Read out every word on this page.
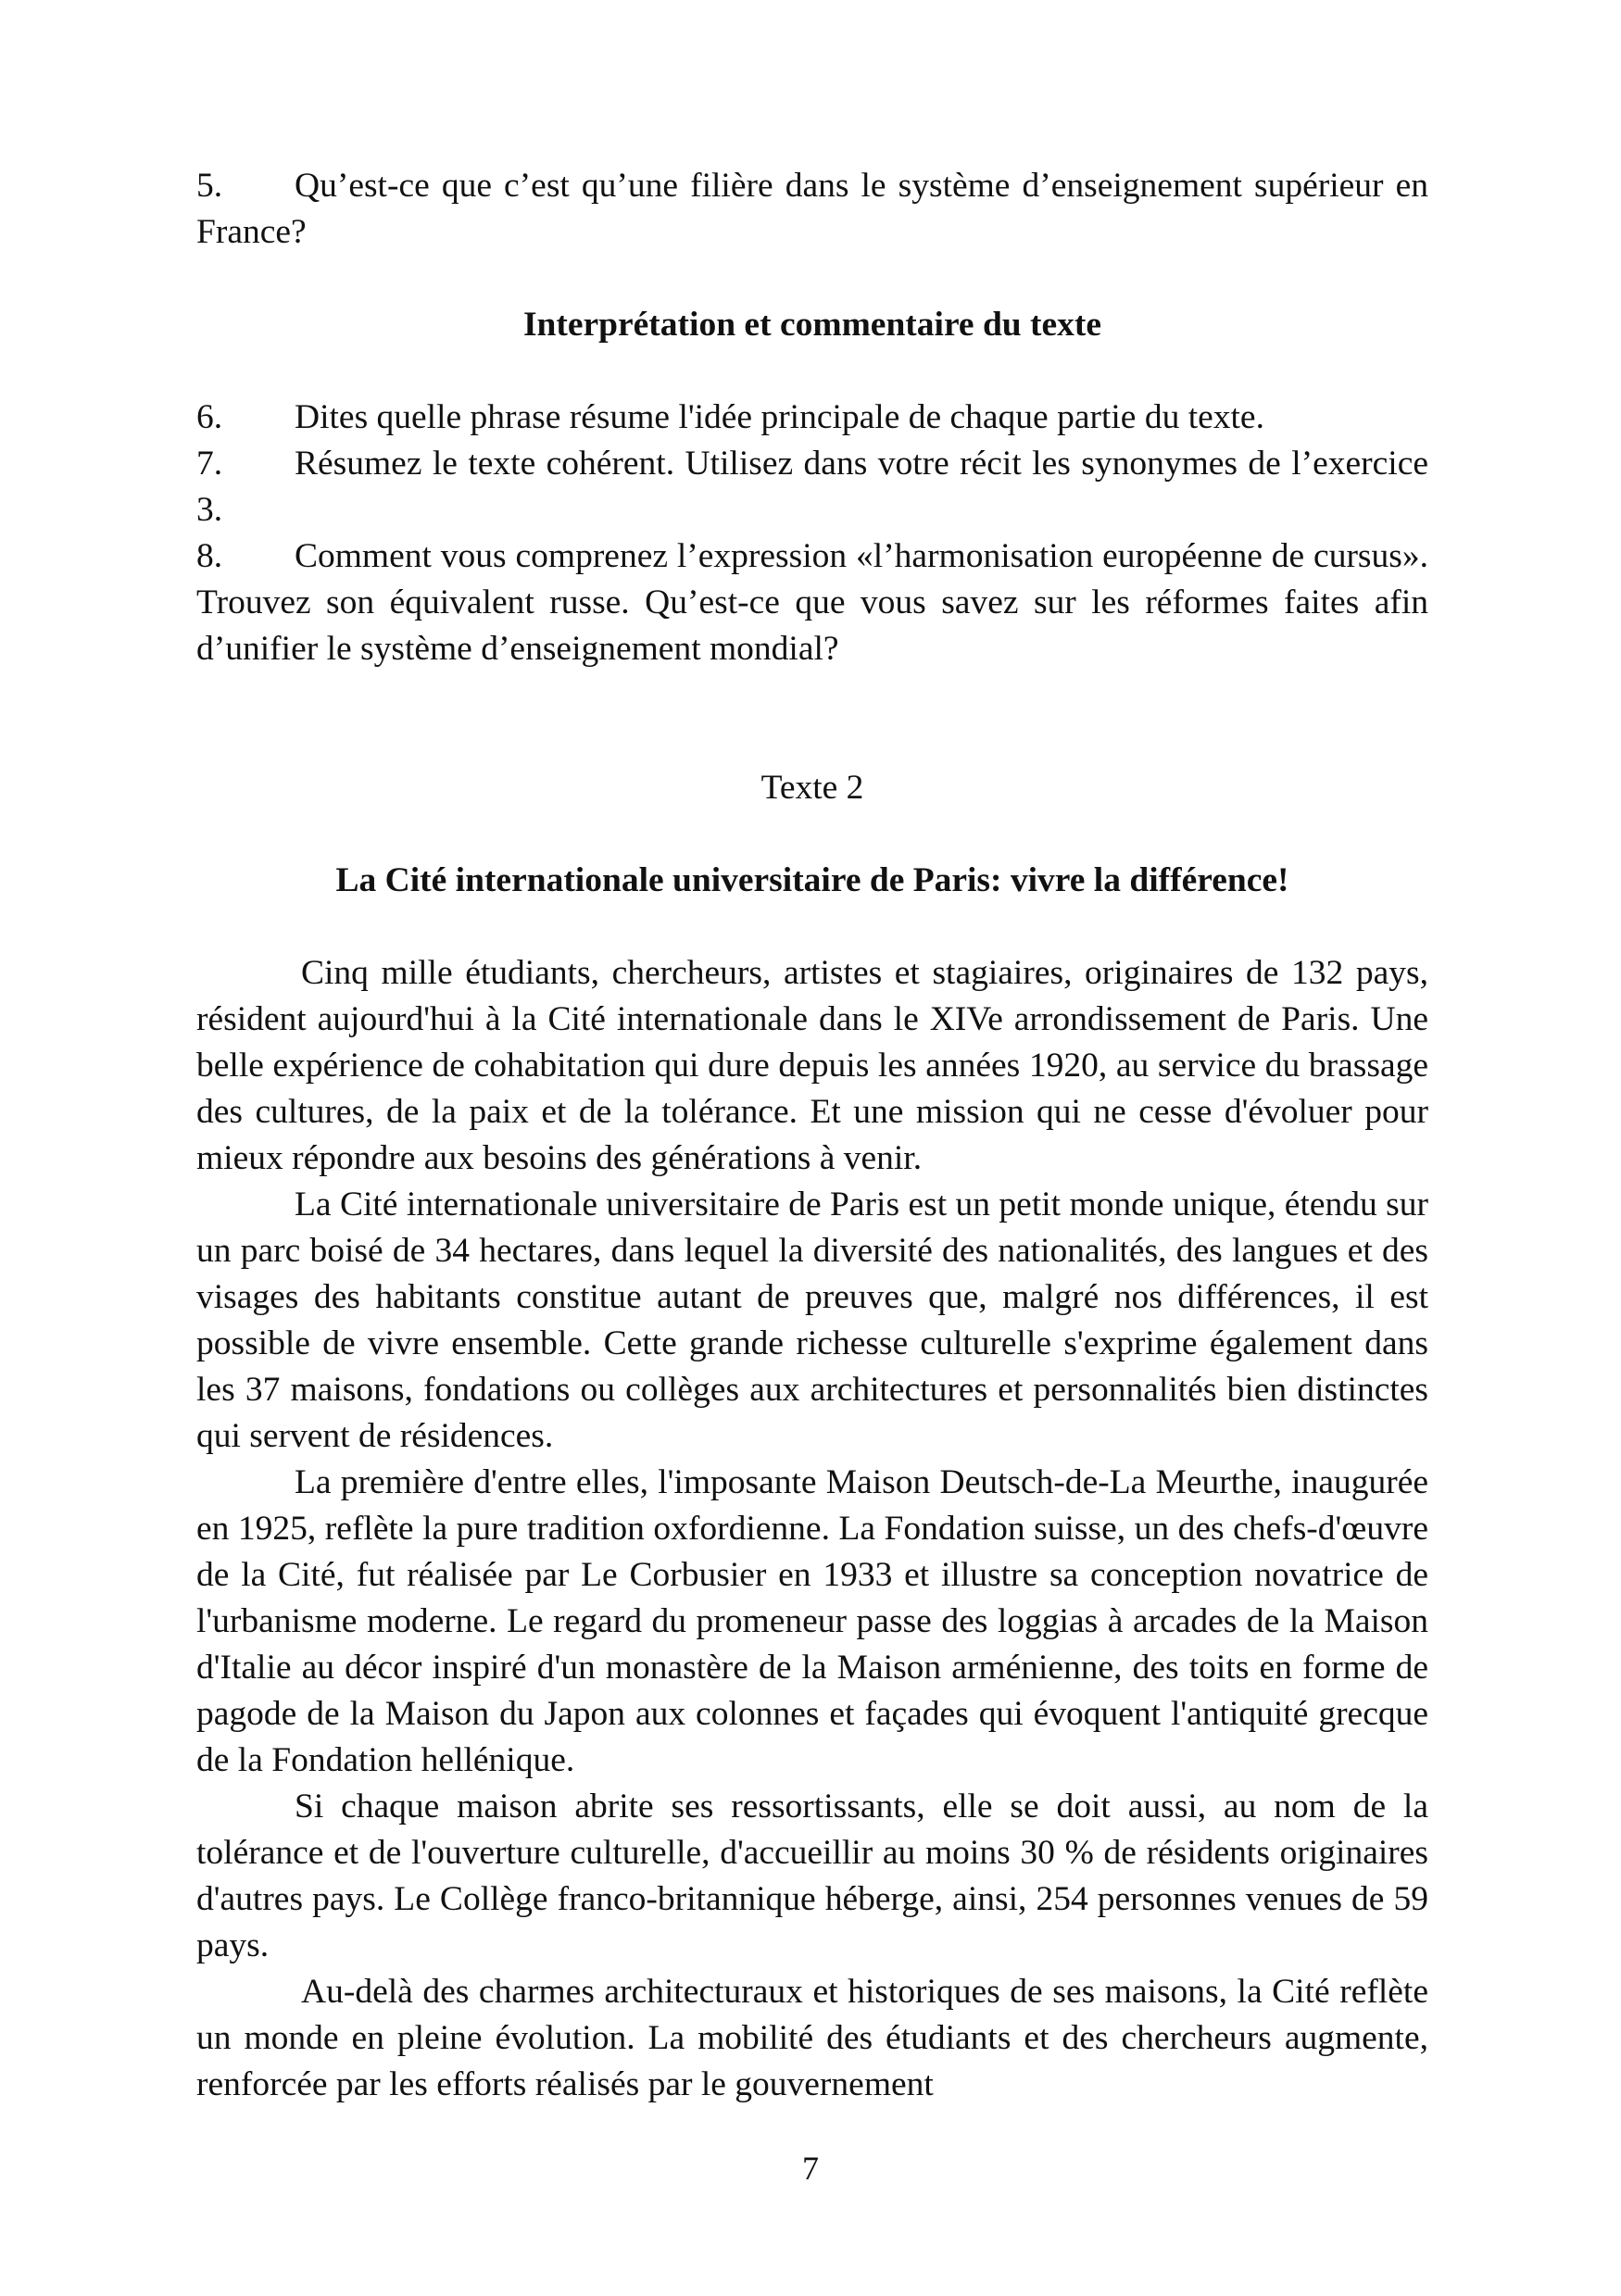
5. Qu’est-ce que c’est qu’une filière dans le système d’enseignement supérieur en France?
Interprétation et commentaire du texte
6. Dites quelle phrase résume l'idée principale de chaque partie du texte.
7. Résumez le texte cohérent. Utilisez dans votre récit les synonymes de l’exercice 3.
8. Comment vous comprenez l’expression «l’harmonisation européenne de cursus». Trouvez son équivalent russe. Qu’est-ce que vous savez sur les réformes faites afin d’unifier le système d’enseignement mondial?
Texte 2
La Cité internationale universitaire de Paris: vivre la différence!

Cinq mille étudiants, chercheurs, artistes et stagiaires, originaires de 132 pays, résident aujourd'hui à la Cité internationale dans le XIVe arrondissement de Paris. Une belle expérience de cohabitation qui dure depuis les années 1920, au service du brassage des cultures, de la paix et de la tolérance. Et une mission qui ne cesse d'évoluer pour mieux répondre aux besoins des générations à venir.

La Cité internationale universitaire de Paris est un petit monde unique, étendu sur un parc boisé de 34 hectares, dans lequel la diversité des nationalités, des langues et des visages des habitants constitue autant de preuves que, malgré nos différences, il est possible de vivre ensemble. Cette grande richesse culturelle s'exprime également dans les 37 maisons, fondations ou collèges aux architectures et personnalités bien distinctes qui servent de résidences.

La première d'entre elles, l'imposante Maison Deutsch-de-La Meurthe, inaugurée en 1925, reflète la pure tradition oxfordienne. La Fondation suisse, un des chefs-d'œuvre de la Cité, fut réalisée par Le Corbusier en 1933 et illustre sa conception novatrice de l'urbanisme moderne. Le regard du promeneur passe des loggias à arcades de la Maison d'Italie au décor inspiré d'un monastère de la Maison arménienne, des toits en forme de pagode de la Maison du Japon aux colonnes et façades qui évoquent l'antiquité grecque de la Fondation hellénique.

Si chaque maison abrite ses ressortissants, elle se doit aussi, au nom de la tolérance et de l'ouverture culturelle, d'accueillir au moins 30 % de résidents originaires d'autres pays. Le Collège franco-britannique héberge, ainsi, 254 personnes venues de 59 pays.

Au-delà des charmes architecturaux et historiques de ses maisons, la Cité reflète un monde en pleine évolution. La mobilité des étudiants et des chercheurs augmente, renforcée par les efforts réalisés par le gouvernement

7
